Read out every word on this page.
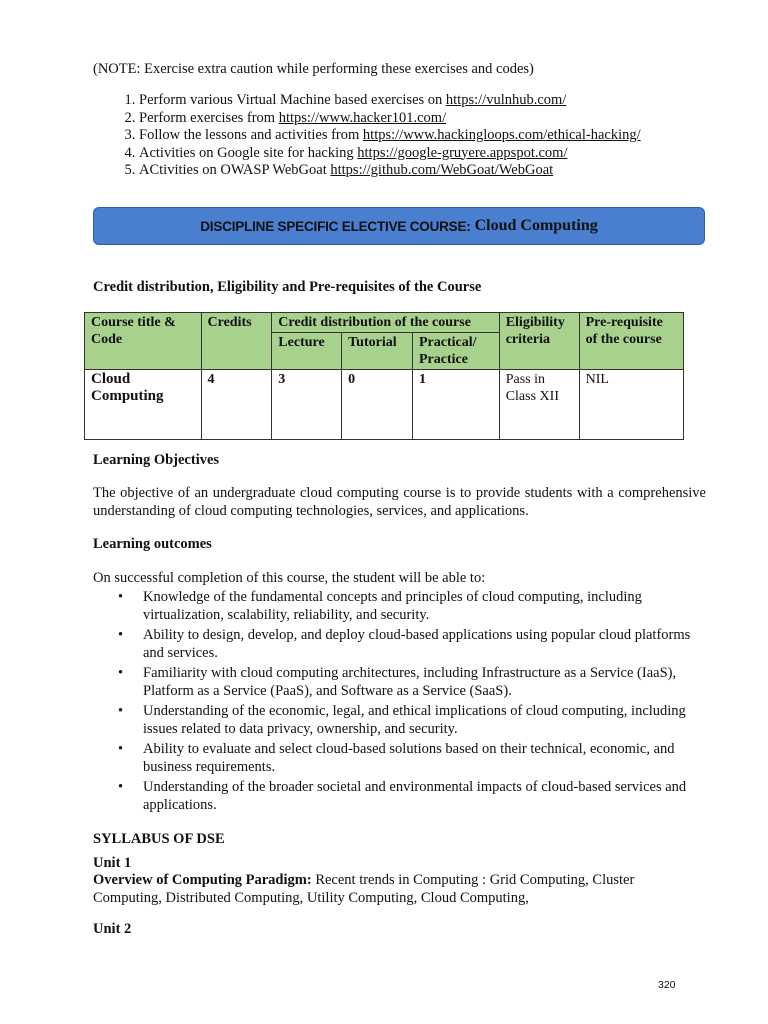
(NOTE: Exercise extra caution while performing these exercises and codes)
1. Perform various Virtual Machine based exercises on https://vulnhub.com/
2. Perform exercises from https://www.hacker101.com/
3. Follow the lessons and activities from https://www.hackingloops.com/ethical-hacking/
4. Activities on Google site for hacking https://google-gruyere.appspot.com/
5. ACtivities on OWASP WebGoat https://github.com/WebGoat/WebGoat
DISCIPLINE SPECIFIC ELECTIVE COURSE: Cloud Computing
Credit distribution, Eligibility and Pre-requisites of the Course
Course title & Code	Credits	Credit distribution of the course			Eligibility criteria	Pre-requisite of the course
		Lecture	Tutorial	Practical/ Practice		
Cloud Computing	4	3	0	1	Pass in Class XII	NIL
Learning Objectives
The objective of an undergraduate cloud computing course is to provide students with a comprehensive understanding of cloud computing technologies, services, and applications.
Learning outcomes
On successful completion of this course, the student will be able to:
• Knowledge of the fundamental concepts and principles of cloud computing, including virtualization, scalability, reliability, and security.
• Ability to design, develop, and deploy cloud-based applications using popular cloud platforms and services.
• Familiarity with cloud computing architectures, including Infrastructure as a Service (IaaS), Platform as a Service (PaaS), and Software as a Service (SaaS).
• Understanding of the economic, legal, and ethical implications of cloud computing, including issues related to data privacy, ownership, and security.
• Ability to evaluate and select cloud-based solutions based on their technical, economic, and business requirements.
• Understanding of the broader societal and environmental impacts of cloud-based services and applications.
SYLLABUS OF DSE
Unit 1
Overview of Computing Paradigm: Recent trends in Computing : Grid Computing, Cluster Computing, Distributed Computing, Utility Computing, Cloud Computing,
Unit 2
320
